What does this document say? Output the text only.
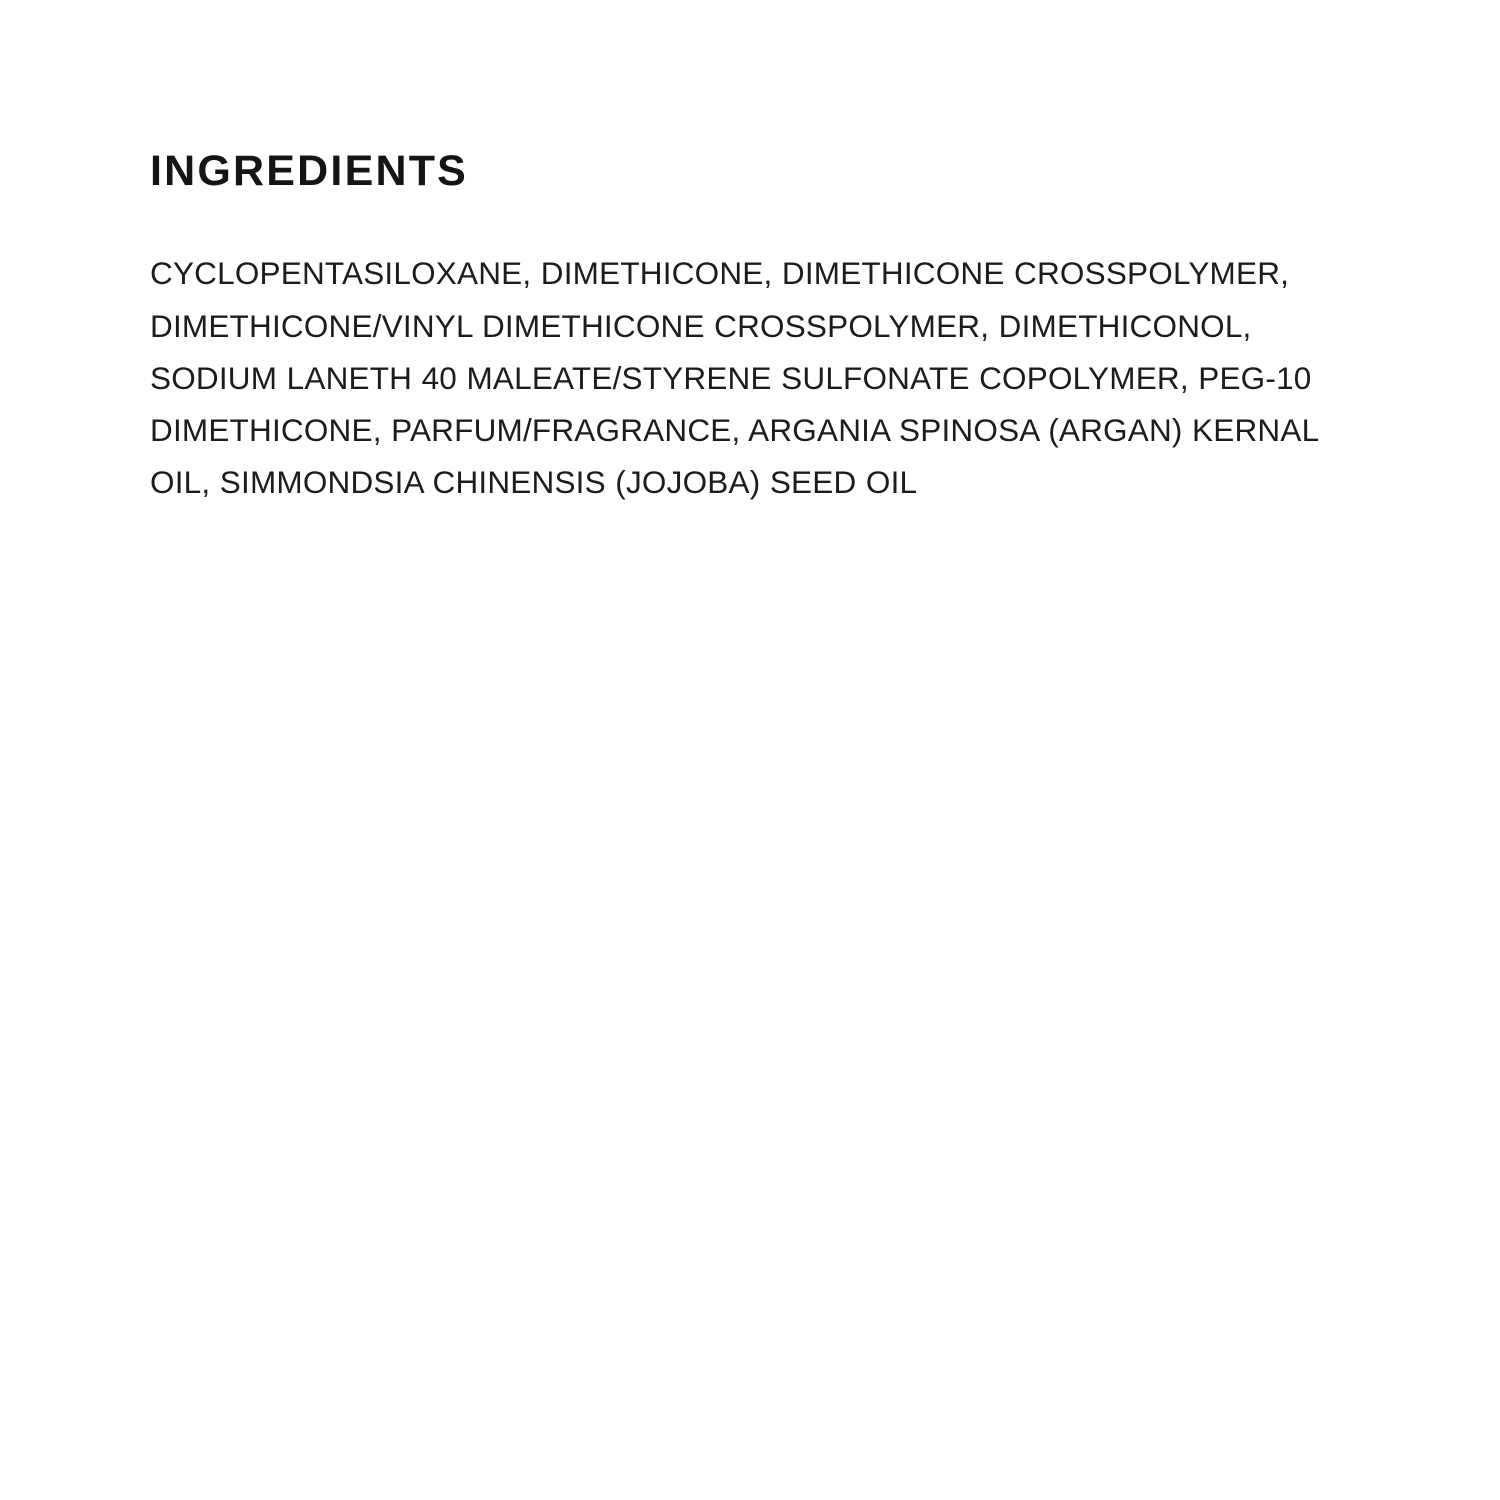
INGREDIENTS

CYCLOPENTASILOXANE, DIMETHICONE, DIMETHICONE CROSSPOLYMER, DIMETHICONE/VINYL DIMETHICONE CROSSPOLYMER, DIMETHICONOL, SODIUM LANETH 40 MALEATE/STYRENE SULFONATE COPOLYMER, PEG-10 DIMETHICONE, PARFUM/FRAGRANCE, ARGANIA SPINOSA (ARGAN) KERNAL OIL, SIMMONDSIA CHINENSIS (JOJOBA) SEED OIL
